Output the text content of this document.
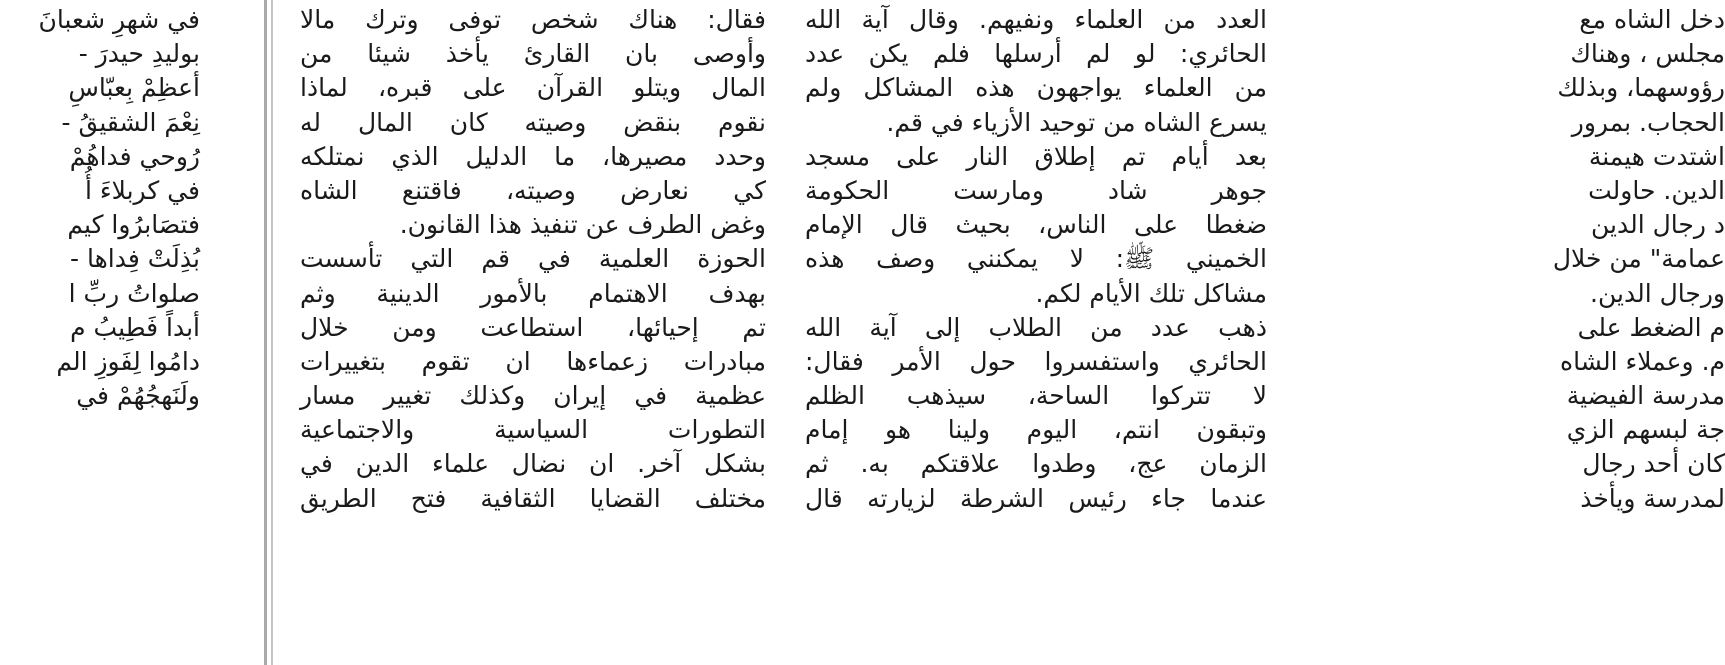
في شهرِ شعبانَ
بوليدِ حيدرَ -
أعظِمْ بِعبّاسِ
نِعْمَ الشقيقُ -
رُوحي فداهُمْ
في كربلاءَ أُ
فتصَابرُوا كيم
بُذِلَتْ فِداها -
صلواتُ ربِّ ا
أبداً فَطِيبُ م
دامُوا لِفَوزِ الم
ولَنَهجُهُمْ في
فقال: هناك شخص توفى وترك مالا
وأوصى بان القارئ يأخذ شيئا من
المال ويتلو القرآن على قبره، لماذا
نقوم بنقض وصيته كان المال له
وحدد مصيرها، ما الدليل الذي نمتلكه
كي نعارض وصيته، فاقتنع الشاه
وغض الطرف عن تنفيذ هذا القانون.
الحوزة العلمية في قم التي تأسست
بهدف الاهتمام بالأمور الدينية وثم
تم إحيائها، استطاعت ومن خلال
مبادرات زعماءها ان تقوم بتغييرات
عظمية في إيران وكذلك تغيير مسار
التطورات السياسية والاجتماعية
بشكل آخر. ان نضال علماء الدين في
مختلف القضايا الثقافية فتح الطريق
العدد من العلماء ونفيهم. وقال آية الله
الحائري: لو لم أرسلها فلم يكن عدد
من العلماء يواجهون هذه المشاكل ولم
يسرع الشاه من توحيد الأزياء في قم.
بعد أيام تم إطلاق النار على مسجد
جوهر شاد ومارست الحكومة
ضغطا على الناس، بحيث قال الإمام
الخميني ﷺ: لا يمكنني وصف هذه
مشاكل تلك الأيام لكم.
ذهب عدد من الطلاب إلى آية الله
الحائري واستفسروا حول الأمر فقال:
لا تتركوا الساحة، سيذهب الظلم
وتبقون انتم، اليوم ولينا هو إمام
الزمان عج، وطدوا علاقتكم به. ثم
عندما جاء رئيس الشرطة لزيارته قال
دخل الشاه مع
مجلس ، وهناك
رؤوسهما، وبذلك
الحجاب. بمرور
اشتدت هيمنة
الدين. حاولت
د رجال الدين
عمامة" من خلال
ورجال الدين.
م الضغط على
م. وعملاء الشاه
مدرسة الفيضية
جة لبسهم الزي
كان أحد رجال
لمدرسة ويأخذ
